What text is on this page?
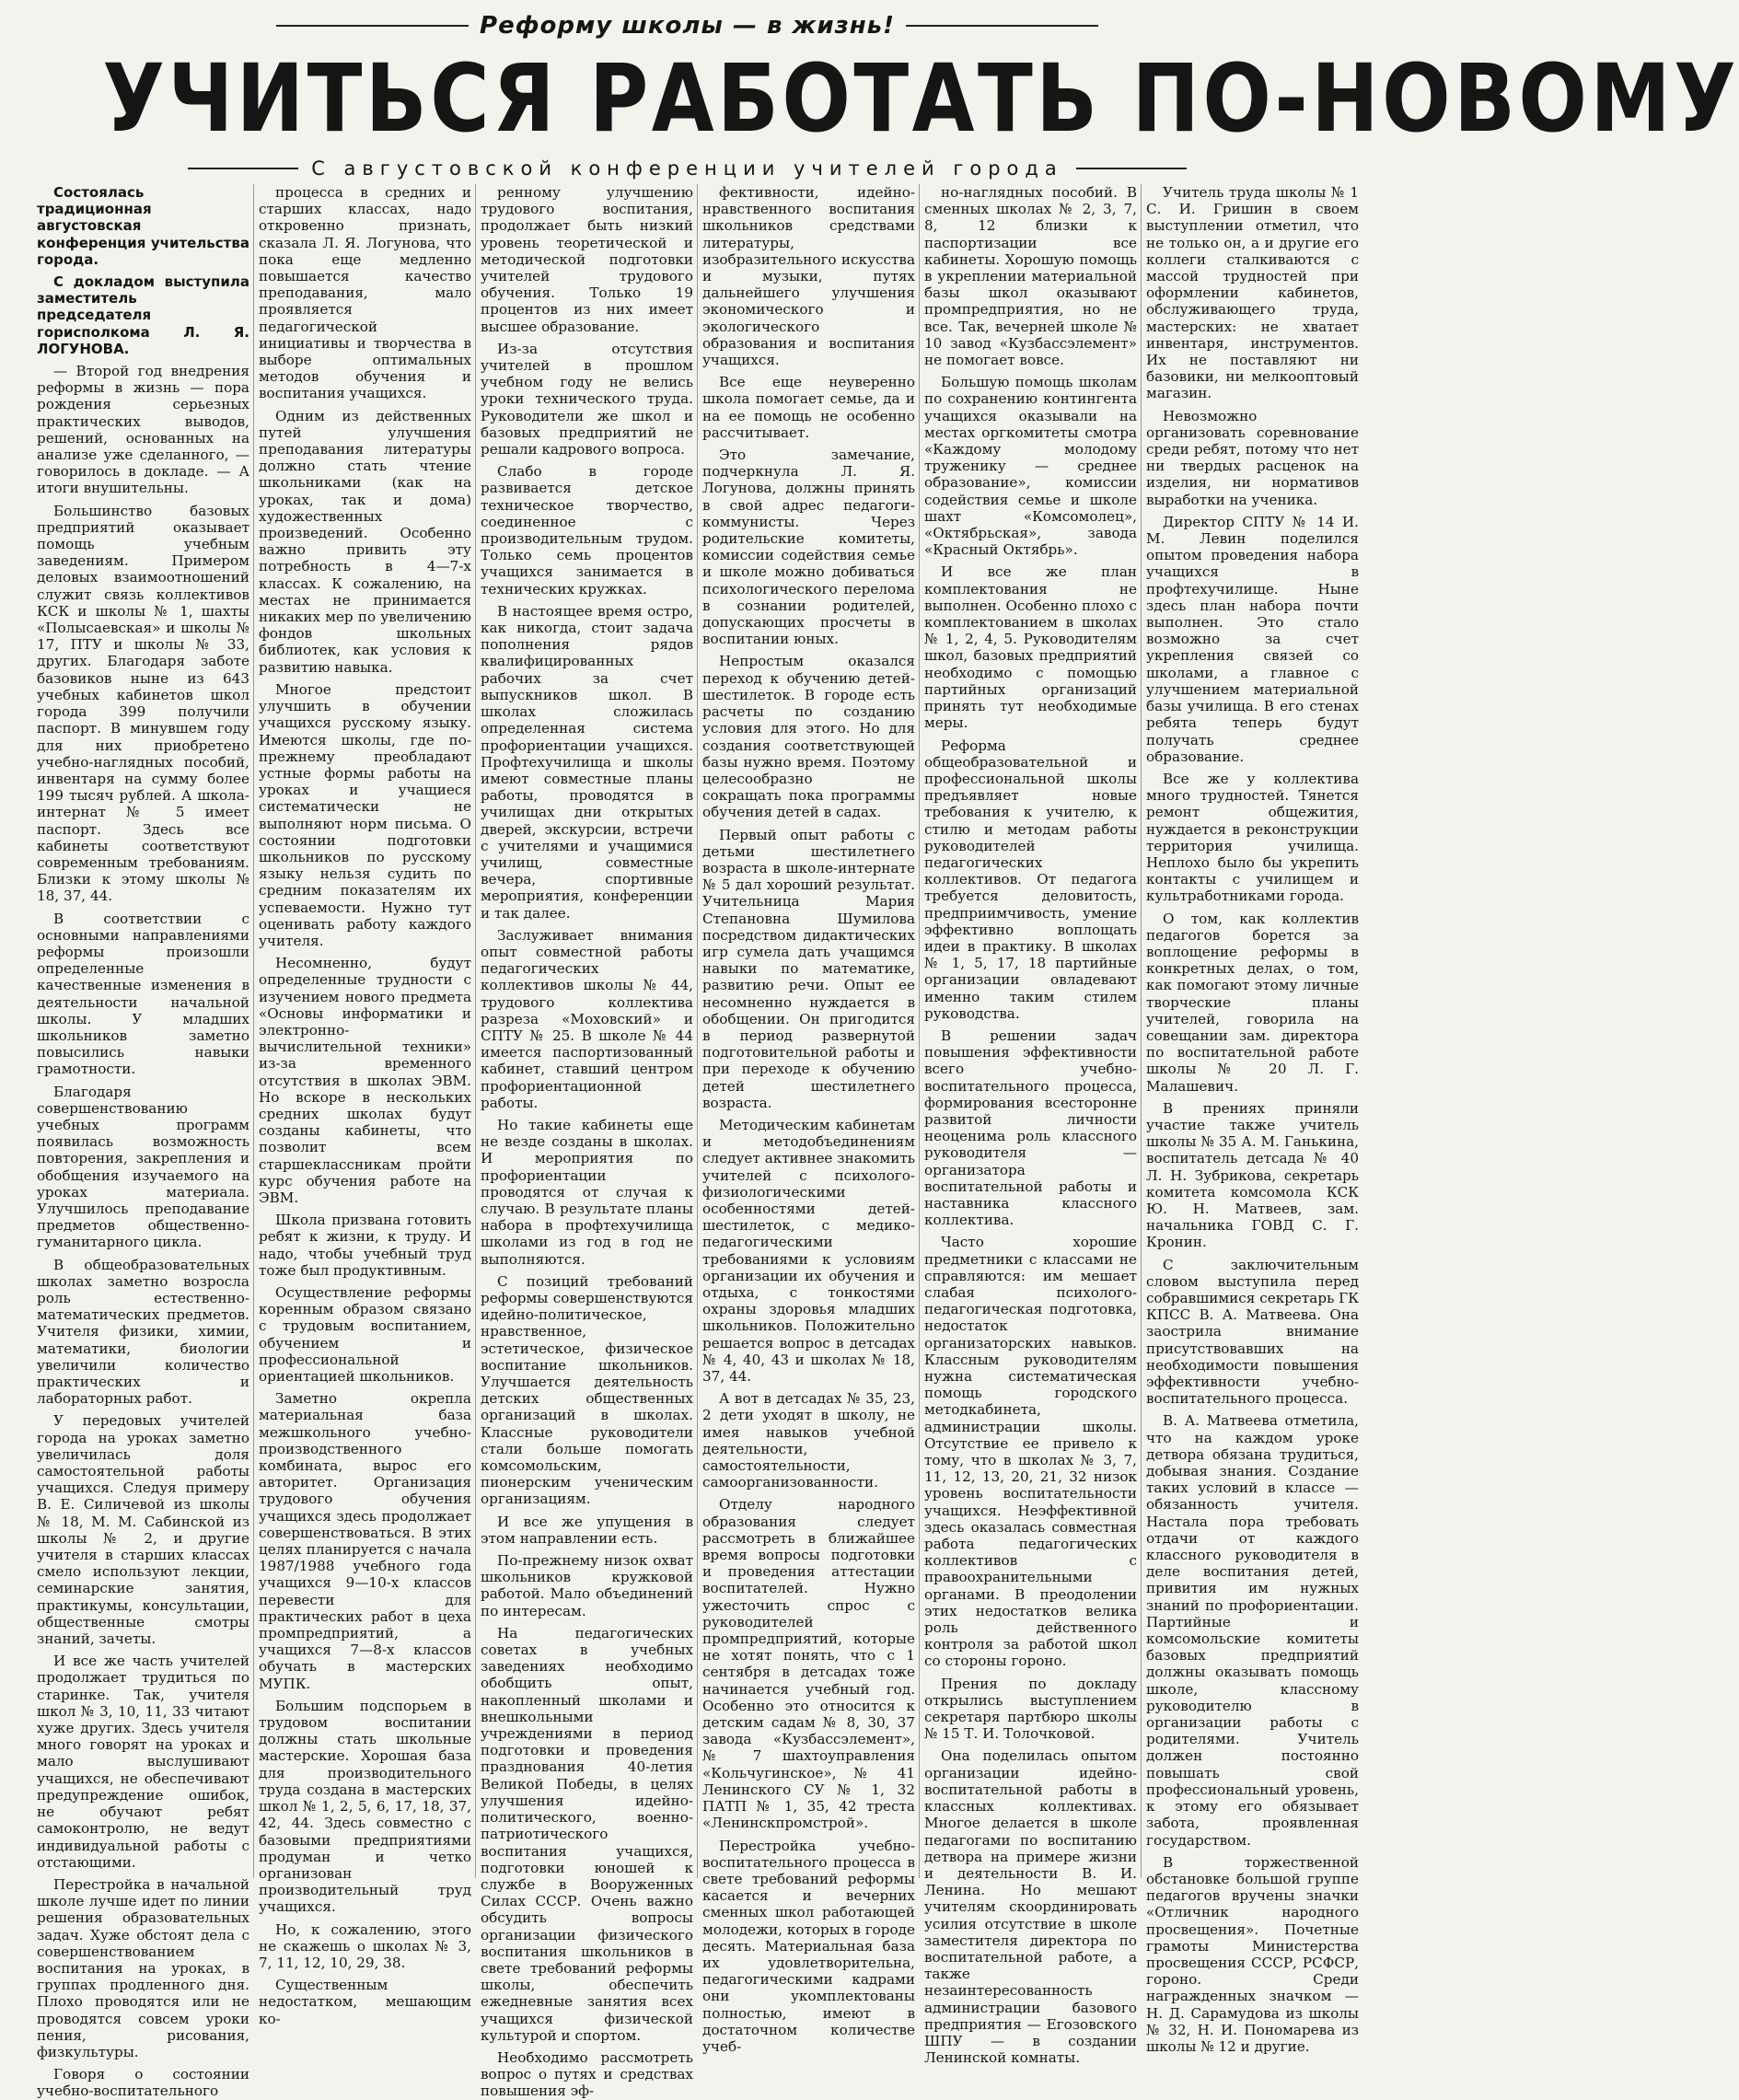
Реформу школы — в жизнь!
УЧИТЬСЯ РАБОТАТЬ ПО-НОВОМУ
С августовской конференции учителей города

Состоялась традиционная августовская конференция учительства города.

С докладом выступила заместитель председателя горисполкома Л. Я. ЛОГУНОВА.

— Второй год внедрения реформы в жизнь — пора рождения серьезных практических выводов, решений, основанных на анализе уже сделанного, — говорилось в докладе. — А итоги внушительны.

Большинство базовых предприятий оказывает помощь учебным заведениям. Примером деловых взаимоотношений служит связь коллективов КСК и школы № 1, шахты «Полысаевская» и школы № 17, ПТУ и школы № 33, других. Благодаря заботе базовиков ныне из 643 учебных кабинетов школ города 399 получили паспорт. В минувшем году для них приобретено учебно-наглядных пособий, инвентаря на сумму более 199 тысяч рублей. А школа-интернат № 5 имеет паспорт. Здесь все кабинеты соответствуют современным требованиям. Близки к этому школы № 18, 37, 44.

В соответствии с основными направлениями реформы произошли определенные качественные изменения в деятельности начальной школы. У младших школьников заметно повысились навыки грамотности.

Благодаря совершенствованию учебных программ появилась возможность повторения, закрепления и обобщения изучаемого на уроках материала. Улучшилось преподавание предметов общественно-гуманитарного цикла.

В общеобразовательных школах заметно возросла роль естественно-математических предметов. Учителя физики, химии, математики, биологии увеличили количество практических и лабораторных работ.

У передовых учителей города на уроках заметно увеличилась доля самостоятельной работы учащихся. Следуя примеру В. Е. Силичевой из школы № 18, М. М. Сабинской из школы № 2, и другие учителя в старших классах смело используют лекции, семинарские занятия, практикумы, консультации, общественные смотры знаний, зачеты.

И все же часть учителей продолжает трудиться по старинке. Так, учителя школ № 3, 10, 11, 33 читают хуже других. Здесь учителя много говорят на уроках и мало выслушивают учащихся, не обеспечивают предупреждение ошибок, не обучают ребят самоконтролю, не ведут индивидуальной работы с отстающими.

Перестройка в начальной школе лучше идет по линии решения образовательных задач. Хуже обстоят дела с совершенствованием воспитания на уроках, в группах продленного дня. Плохо проводятся или не проводятся совсем уроки пения, рисования, физкультуры.

Говоря о состоянии учебно-воспитательного

процесса в средних и старших классах, надо откровенно признать, сказала Л. Я. Логунова, что пока еще медленно повышается качество преподавания, мало проявляется педагогической инициативы и творчества в выборе оптимальных методов обучения и воспитания учащихся.

Одним из действенных путей улучшения преподавания литературы должно стать чтение школьниками (как на уроках, так и дома) художественных произведений. Особенно важно привить эту потребность в 4—7-х классах. К сожалению, на местах не принимается никаких мер по увеличению фондов школьных библиотек, как условия к развитию навыка.

Многое предстоит улучшить в обучении учащихся русскому языку. Имеются школы, где по-прежнему преобладают устные формы работы на уроках и учащиеся систематически не выполняют норм письма. О состоянии подготовки школьников по русскому языку нельзя судить по средним показателям их успеваемости. Нужно тут оценивать работу каждого учителя.

Несомненно, будут определенные трудности с изучением нового предмета «Основы информатики и электронно-вычислительной техники» из-за временного отсутствия в школах ЭВМ. Но вскоре в нескольких средних школах будут созданы кабинеты, что позволит всем старшеклассникам пройти курс обучения работе на ЭВМ.

Школа призвана готовить ребят к жизни, к труду. И надо, чтобы учебный труд тоже был продуктивным.

Осуществление реформы коренным образом связано с трудовым воспитанием, обучением и профессиональной ориентацией школьников.

Заметно окрепла материальная база межшкольного учебно-производственного комбината, вырос его авторитет. Организация трудового обучения учащихся здесь продолжает совершенствоваться. В этих целях планируется с начала 1987/1988 учебного года учащихся 9—10-х классов перевести для практических работ в цеха промпредприятий, а учащихся 7—8-х классов обучать в мастерских МУПК.

Большим подспорьем в трудовом воспитании должны стать школьные мастерские. Хорошая база для производительного труда создана в мастерских школ № 1, 2, 5, 6, 17, 18, 37, 42, 44. Здесь совместно с базовыми предприятиями продуман и четко организован производительный труд учащихся.

Но, к сожалению, этого не скажешь о школах № 3, 7, 11, 12, 10, 29, 38.

Существенным недостатком, мешающим ко-

ренному улучшению трудового воспитания, продолжает быть низкий уровень теоретической и методической подготовки учителей трудового обучения. Только 19 процентов из них имеет высшее образование.

Из-за отсутствия учителей в прошлом учебном году не велись уроки технического труда. Руководители же школ и базовых предприятий не решали кадрового вопроса.

Слабо в городе развивается детское техническое творчество, соединенное с производительным трудом. Только семь процентов учащихся занимается в технических кружках.

В настоящее время остро, как никогда, стоит задача пополнения рядов квалифицированных рабочих за счет выпускников школ. В школах сложилась определенная система профориентации учащихся. Профтехучилища и школы имеют совместные планы работы, проводятся в училищах дни открытых дверей, экскурсии, встречи с учителями и учащимися училищ, совместные вечера, спортивные мероприятия, конференции и так далее.

Заслуживает внимания опыт совместной работы педагогических коллективов школы № 44, трудового коллектива разреза «Моховский» и СПТУ № 25. В школе № 44 имеется паспортизованный кабинет, ставший центром профориентационной работы.

Но такие кабинеты еще не везде созданы в школах. И мероприятия по профориентации проводятся от случая к случаю. В результате планы набора в профтехучилища школами из год в год не выполняются.

С позиций требований реформы совершенствуются идейно-политическое, нравственное, эстетическое, физическое воспитание школьников. Улучшается деятельность детских общественных организаций в школах. Классные руководители стали больше помогать комсомольским, пионерским ученическим организациям.

И все же упущения в этом направлении есть.

По-прежнему низок охват школьников кружковой работой. Мало объединений по интересам.

На педагогических советах в учебных заведениях необходимо обобщить опыт, накопленный школами и внешкольными учреждениями в период подготовки и проведения празднования 40-летия Великой Победы, в целях улучшения идейно-политического, военно-патриотического воспитания учащихся, подготовки юношей к службе в Вооруженных Силах СССР. Очень важно обсудить вопросы организации физического воспитания школьников в свете требований реформы школы, обеспечить ежедневные занятия всех учащихся физической культурой и спортом.

Необходимо рассмотреть вопрос о путях и средствах повышения эф-

фективности, идейно-нравственного воспитания школьников средствами литературы, изобразительного искусства и музыки, путях дальнейшего улучшения экономического и экологического образования и воспитания учащихся.

Все еще неуверенно школа помогает семье, да и на ее помощь не особенно рассчитывает.

Это замечание, подчеркнула Л. Я. Логунова, должны принять в свой адрес педагоги-коммунисты. Через родительские комитеты, комиссии содействия семье и школе можно добиваться психологического перелома в сознании родителей, допускающих просчеты в воспитании юных.

Непростым оказался переход к обучению детей-шестилеток. В городе есть расчеты по созданию условия для этого. Но для создания соответствующей базы нужно время. Поэтому целесообразно не сокращать пока программы обучения детей в садах.

Первый опыт работы с детьми шестилетнего возраста в школе-интернате № 5 дал хороший результат. Учительница Мария Степановна Шумилова посредством дидактических игр сумела дать учащимся навыки по математике, развитию речи. Опыт ее несомненно нуждается в обобщении. Он пригодится в период развернутой подготовительной работы и при переходе к обучению детей шестилетнего возраста.

Методическим кабинетам и методобъединениям следует активнее знакомить учителей с психолого-физиологическими особенностями детей-шестилеток, с медико-педагогическими требованиями к условиям организации их обучения и отдыха, с тонкостями охраны здоровья младших школьников. Положительно решается вопрос в детсадах № 4, 40, 43 и школах № 18, 37, 44.

А вот в детсадах № 35, 23, 2 дети уходят в школу, не имея навыков учебной деятельности, самостоятельности, самоорганизованности.

Отделу народного образования следует рассмотреть в ближайшее время вопросы подготовки и проведения аттестации воспитателей. Нужно ужесточить спрос с руководителей промпредприятий, которые не хотят понять, что с 1 сентября в детсадах тоже начинается учебный год. Особенно это относится к детским садам № 8, 30, 37 завода «Кузбассэлемент», № 7 шахтоуправления «Кольчугинское», № 41 Ленинского СУ № 1, 32 ПАТП № 1, 35, 42 треста «Ленинскпромстрой».

Перестройка учебно-воспитательного процесса в свете требований реформы касается и вечерних сменных школ работающей молодежи, которых в городе десять. Материальная база их удовлетворительна, педагогическими кадрами они укомплектованы полностью, имеют в достаточном количестве учеб-

но-наглядных пособий. В сменных школах № 2, 3, 7, 8, 12 близки к паспортизации все кабинеты. Хорошую помощь в укреплении материальной базы школ оказывают промпредприятия, но не все. Так, вечерней школе № 10 завод «Кузбассэлемент» не помогает вовсе.

Большую помощь школам по сохранению контингента учащихся оказывали на местах оргкомитеты смотра «Каждому молодому труженику — среднее образование», комиссии содействия семье и школе шахт «Комсомолец», «Октябрьская», завода «Красный Октябрь».

И все же план комплектования не выполнен. Особенно плохо с комплектованием в школах № 1, 2, 4, 5. Руководителям школ, базовых предприятий необходимо с помощью партийных организаций принять тут необходимые меры.

Реформа общеобразовательной и профессиональной школы предъявляет новые требования к учителю, к стилю и методам работы руководителей педагогических коллективов. От педагога требуется деловитость, предприимчивость, умение эффективно воплощать идеи в практику. В школах № 1, 5, 17, 18 партийные организации овладевают именно таким стилем руководства.

В решении задач повышения эффективности всего учебно-воспитательного процесса, формирования всесторонне развитой личности неоценима роль классного руководителя — организатора воспитательной работы и наставника классного коллектива.

Часто хорошие предметники с классами не справляются: им мешает слабая психолого-педагогическая подготовка, недостаток организаторских навыков. Классным руководителям нужна систематическая помощь городского методкабинета, администрации школы. Отсутствие ее привело к тому, что в школах № 3, 7, 11, 12, 13, 20, 21, 32 низок уровень воспитательности учащихся. Неэффективной здесь оказалась совместная работа педагогических коллективов с правоохранительными органами. В преодолении этих недостатков велика роль действенного контроля за работой школ со стороны гороно.

Прения по докладу открылись выступлением секретаря партбюро школы № 15 Т. И. Толочковой.

Она поделилась опытом организации идейно-воспитательной работы в классных коллективах. Многое делается в школе педагогами по воспитанию детвора на примере жизни и деятельности В. И. Ленина. Но мешают учителям скоординировать усилия отсутствие в школе заместителя директора по воспитательной работе, а также незаинтересованность администрации базового предприятия — Егозовского ШПУ — в создании Ленинской комнаты.

Учитель труда школы № 1 С. И. Гришин в своем выступлении отметил, что не только он, а и другие его коллеги сталкиваются с массой трудностей при оформлении кабинетов, обслуживающего труда, мастерских: не хватает инвентаря, инструментов. Их не поставляют ни базовики, ни мелкооптовый магазин.

Невозможно организовать соревнование среди ребят, потому что нет ни твердых расценок на изделия, ни нормативов выработки на ученика.

Директор СПТУ № 14 И. М. Левин поделился опытом проведения набора учащихся в профтехучилище. Ныне здесь план набора почти выполнен. Это стало возможно за счет укрепления связей со школами, а главное с улучшением материальной базы училища. В его стенах ребята теперь будут получать среднее образование.

Все же у коллектива много трудностей. Тянется ремонт общежития, нуждается в реконструкции территория училища. Неплохо было бы укрепить контакты с училищем и культработниками города.

О том, как коллектив педагогов борется за воплощение реформы в конкретных делах, о том, как помогают этому личные творческие планы учителей, говорила на совещании зам. директора по воспитательной работе школы № 20 Л. Г. Малашевич.

В прениях приняли участие также учитель школы № 35 А. М. Ганькина, воспитатель детсада № 40 Л. Н. Зубрикова, секретарь комитета комсомола КСК Ю. Н. Матвеев, зам. начальника ГОВД С. Г. Кронин.

С заключительным словом выступила перед собравшимися секретарь ГК КПСС В. А. Матвеева. Она заострила внимание присутствовавших на необходимости повышения эффективности учебно-воспитательного процесса.

В. А. Матвеева отметила, что на каждом уроке детвора обязана трудиться, добывая знания. Создание таких условий в классе — обязанность учителя. Настала пора требовать отдачи от каждого классного руководителя в деле воспитания детей, привития им нужных знаний по профориентации. Партийные и комсомольские комитеты базовых предприятий должны оказывать помощь школе, классному руководителю в организации работы с родителями. Учитель должен постоянно повышать свой профессиональный уровень, к этому его обязывает забота, проявленная государством.

В торжественной обстановке большой группе педагогов вручены значки «Отличник народного просвещения». Почетные грамоты Министерства просвещения СССР, РСФСР, гороно. Среди награжденных значком — Н. Д. Сарамудова из школы № 32, Н. И. Пономарева из школы № 12 и другие.
